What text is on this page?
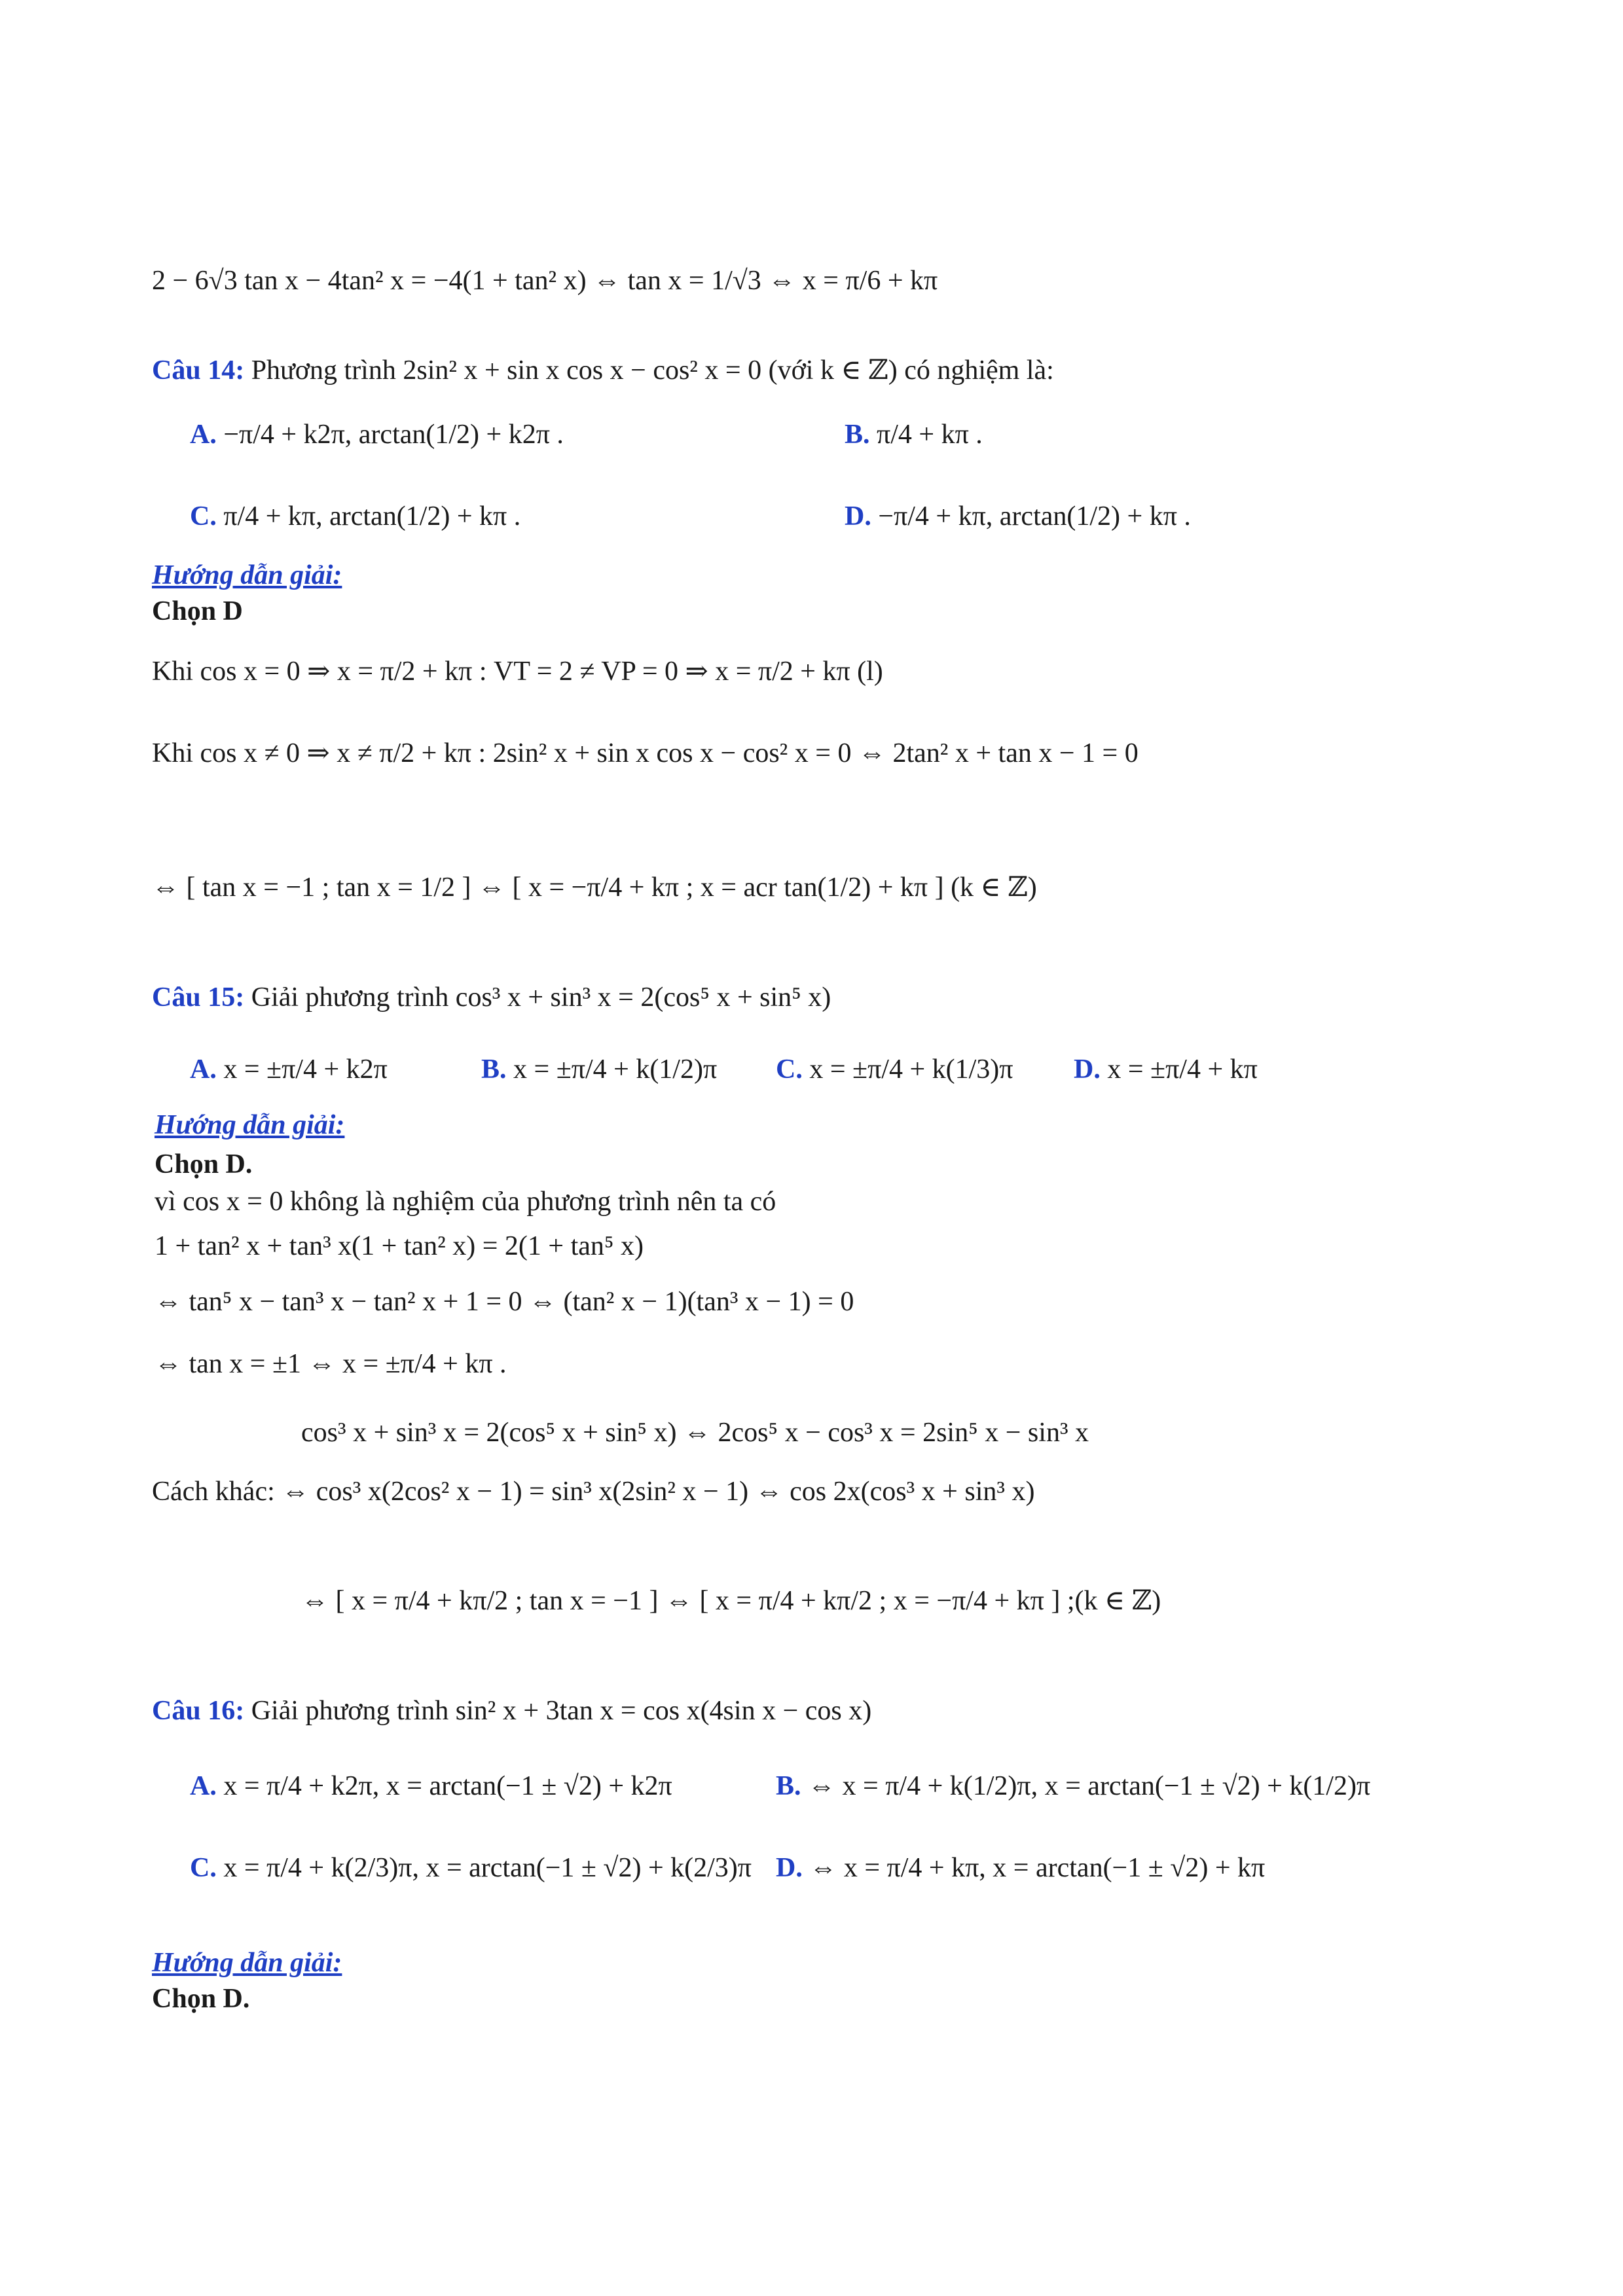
2 − 6√3 tan x − 4tan² x = −4(1 + tan² x) ⇔ tan x = 1/√3 ⇔ x = π/6 + kπ
Câu 14: Phương trình 2sin² x + sin x cos x − cos² x = 0 (với k ∈ ℤ) có nghiệm là:
A. −π/4 + k2π, arctan(1/2) + k2π .	B. π/4 + kπ .
C. π/4 + kπ, arctan(1/2) + kπ .	D. −π/4 + kπ, arctan(1/2) + kπ .
Hướng dẫn giải:
Chọn D
Khi cos x = 0 ⇒ x = π/2 + kπ : VT = 2 ≠ VP = 0 ⇒ x = π/2 + kπ (l)
Khi cos x ≠ 0 ⇒ x ≠ π/2 + kπ : 2sin² x + sin x cos x − cos² x = 0 ⇔ 2tan² x + tan x − 1 = 0
⇔ [ tan x = −1 ; tan x = 1/2 ] ⇔ [ x = −π/4 + kπ ; x = acr tan(1/2) + kπ ] (k ∈ ℤ)
Câu 15: Giải phương trình cos³ x + sin³ x = 2(cos⁵ x + sin⁵ x)
A. x = ±π/4 + k2π	B. x = ±π/4 + k(1/2)π C. x = ±π/4 + k(1/3)π D. x = ±π/4 + kπ
Hướng dẫn giải:
Chọn D.
vì cos x = 0 không là nghiệm của phương trình nên ta có
1 + tan² x + tan³ x(1 + tan² x) = 2(1 + tan⁵ x)
⇔ tan⁵ x − tan³ x − tan² x + 1 = 0 ⇔ (tan² x − 1)(tan³ x − 1) = 0
⇔ tan x = ±1 ⇔ x = ±π/4 + kπ .
cos³ x + sin³ x = 2(cos⁵ x + sin⁵ x) ⇔ 2cos⁵ x − cos³ x = 2sin⁵ x − sin³ x
Cách khác: ⇔ cos³ x(2cos² x − 1) = sin³ x(2sin² x − 1) ⇔ cos 2x(cos³ x + sin³ x)
⇔ [ x = π/4 + kπ/2 ; tan x = −1 ] ⇔ [ x = π/4 + kπ/2 ; x = −π/4 + kπ ] ;(k ∈ ℤ)
Câu 16: Giải phương trình sin² x + 3tan x = cos x(4sin x − cos x)
A. x = π/4 + k2π, x = arctan(−1 ± √2) + k2π	B. ⇔ x = π/4 + k(1/2)π, x = arctan(−1 ± √2) + k(1/2)π
C. x = π/4 + k(2/3)π, x = arctan(−1 ± √2) + k(2/3)π D. ⇔ x = π/4 + kπ, x = arctan(−1 ± √2) + kπ
Hướng dẫn giải:
Chọn D.
